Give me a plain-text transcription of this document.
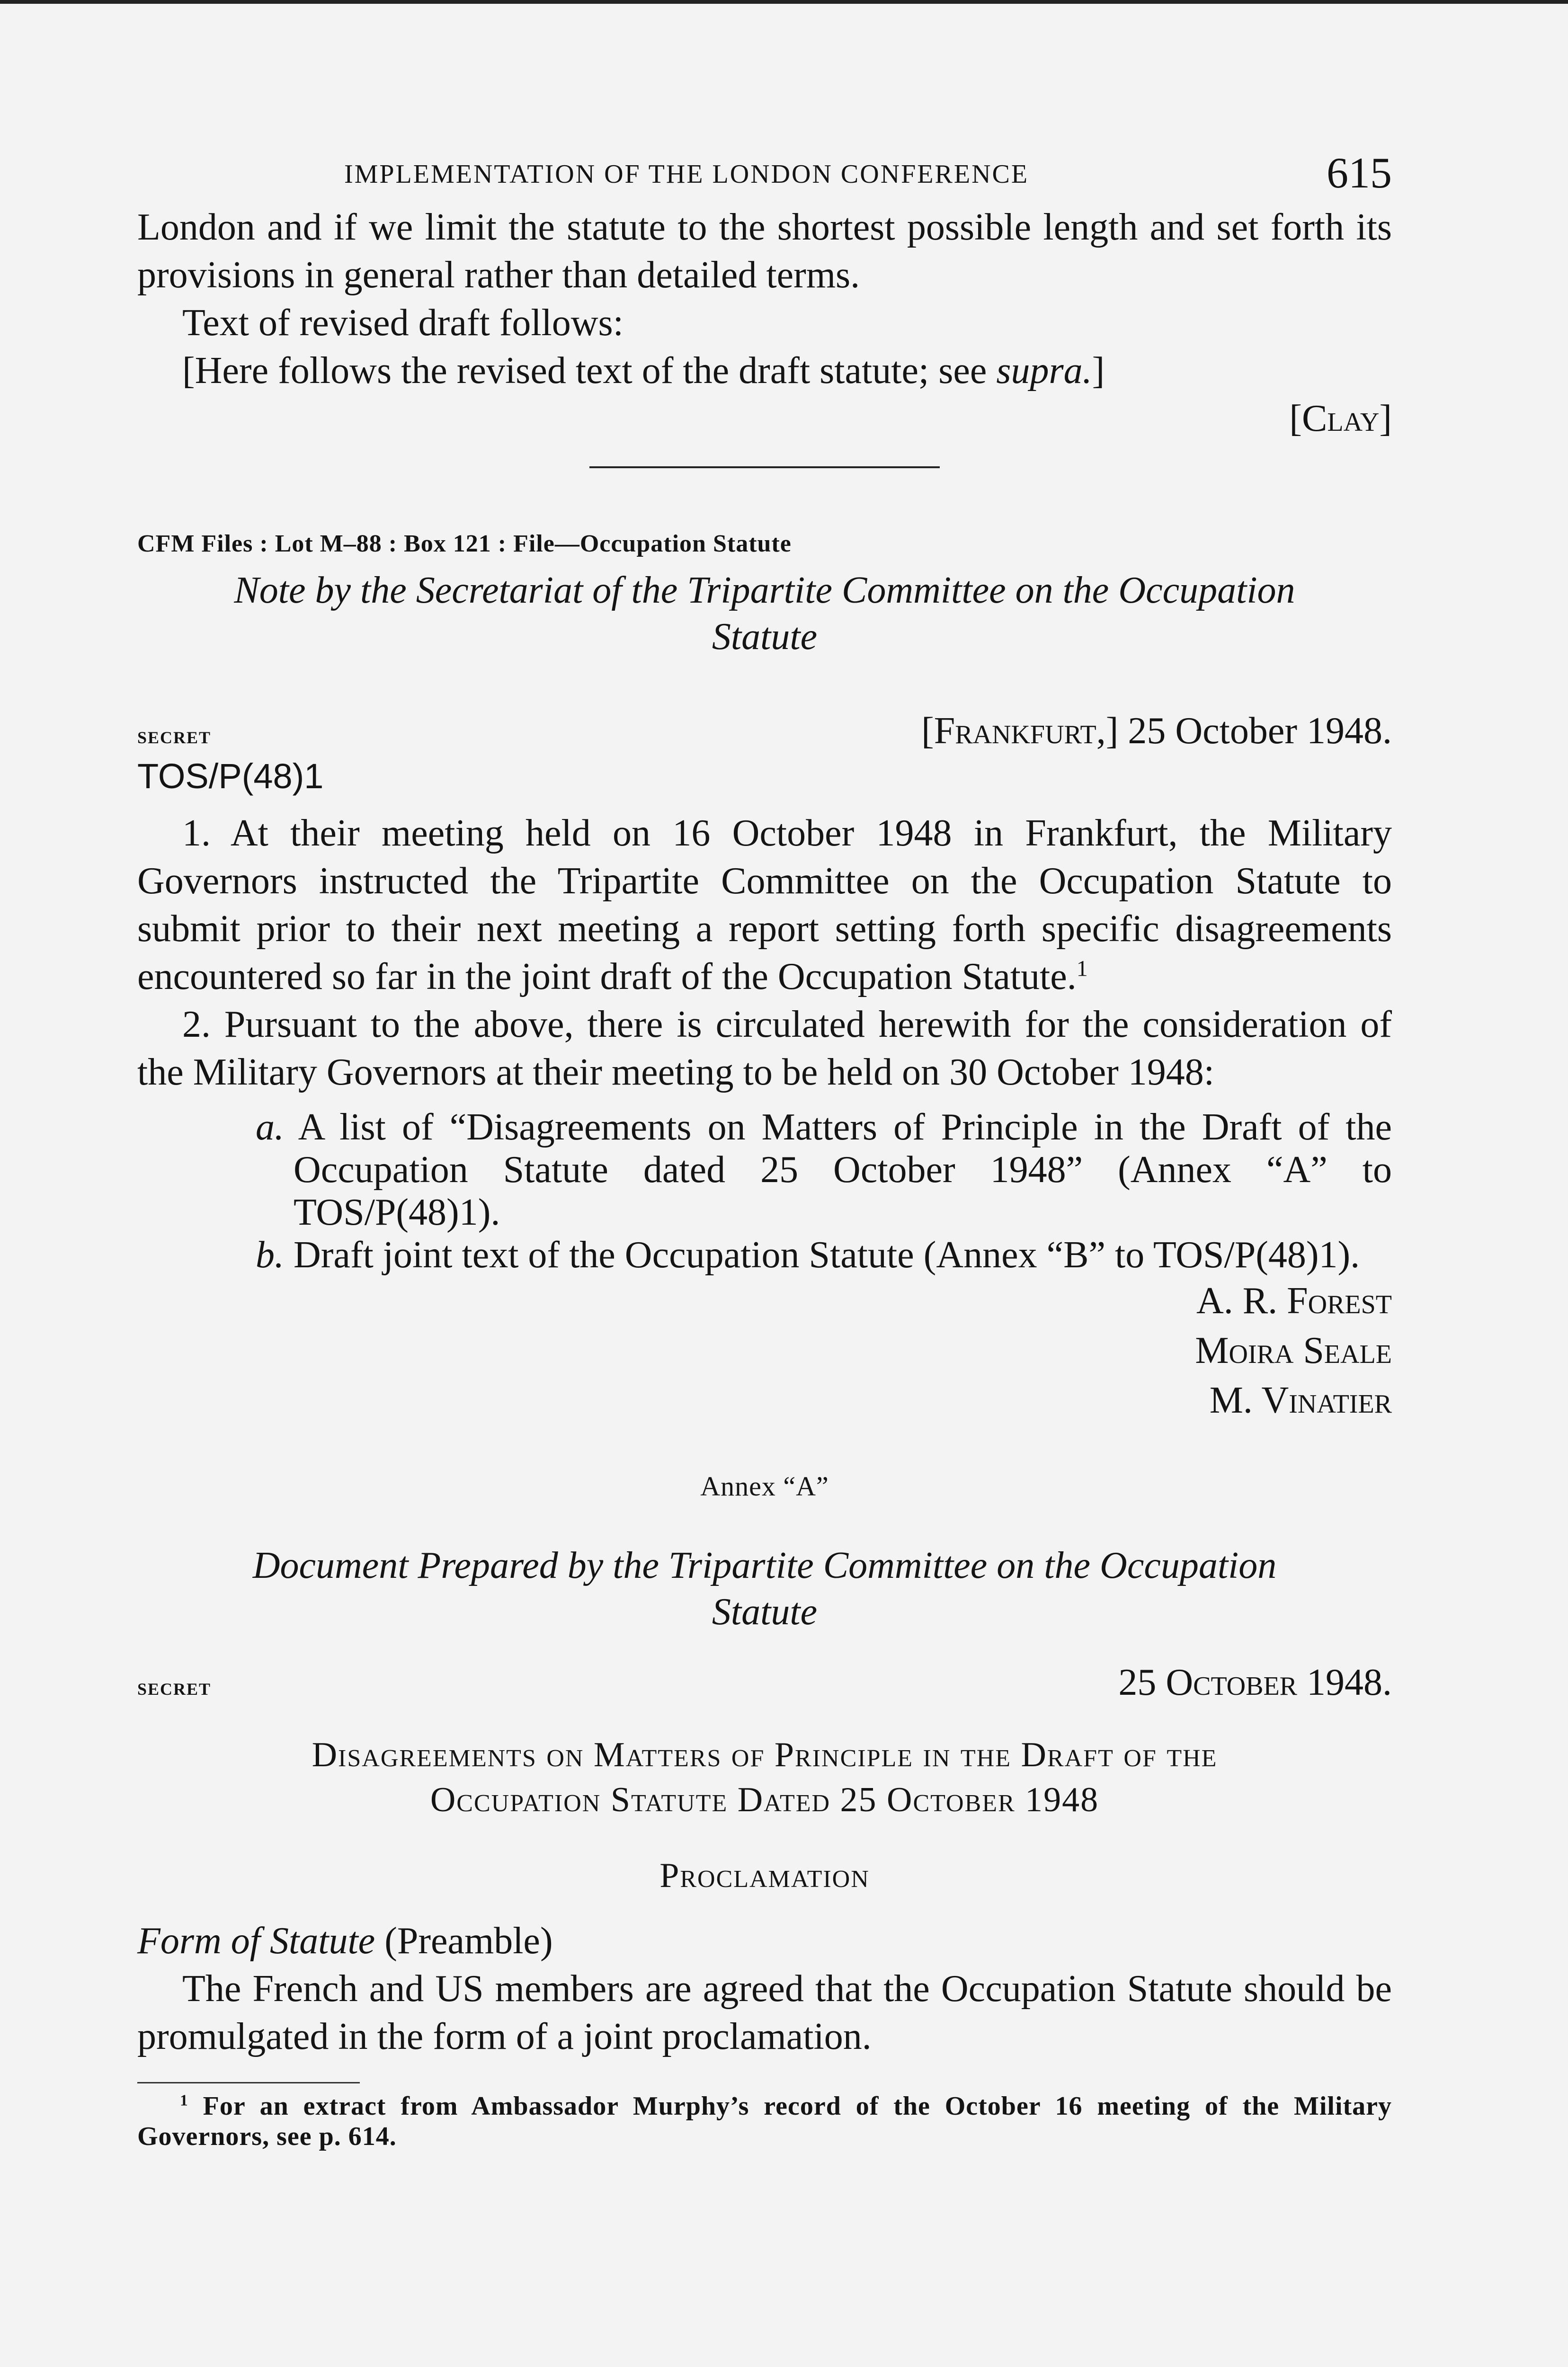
IMPLEMENTATION OF THE LONDON CONFERENCE	615

London and if we limit the statute to the shortest possible length and set forth its provisions in general rather than detailed terms.

Text of revised draft follows:

[Here follows the revised text of the draft statute; see supra.]

[Clay]

CFM Files : Lot M–88 : Box 121 : File—Occupation Statute

Note by the Secretariat of the Tripartite Committee on the Occupation
Statute

secret	[Frankfurt,] 25 October 1948.

TOS/P(48)1

1. At their meeting held on 16 October 1948 in Frankfurt, the Military Governors instructed the Tripartite Committee on the Occupation Statute to submit prior to their next meeting a report setting forth specific disagreements encountered so far in the joint draft of the Occupation Statute.$^1$

2. Pursuant to the above, there is circulated herewith for the consideration of the Military Governors at their meeting to be held on 30 October 1948:

a. A list of “Disagreements on Matters of Principle in the Draft of the Occupation Statute dated 25 October 1948” (Annex “A” to TOS/P(48)1).

b. Draft joint text of the Occupation Statute (Annex “B” to TOS/P(48)1).

A. R. Forest
Moira Seale
M. Vinatier

Annex “A”

Document Prepared by the Tripartite Committee on the Occupation
Statute

secret	25 October 1948.

Disagreements on Matters of Principle in the Draft of the
Occupation Statute Dated 25 October 1948

Proclamation

Form of Statute (Preamble)

The French and US members are agreed that the Occupation Statute should be promulgated in the form of a joint proclamation.

$^1$ For an extract from Ambassador Murphy’s record of the October 16 meeting of the Military Governors, see p. 614.
